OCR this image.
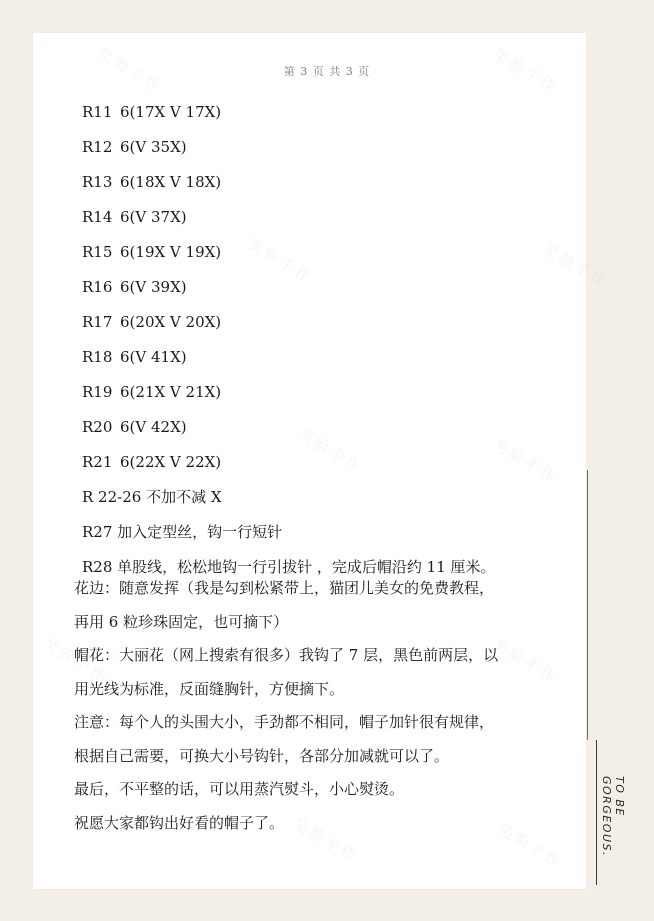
第 3 页 共 3 页
R11 6(17X V 17X)
R12 6(V 35X)
R13 6(18X V 18X)
R14 6(V 37X)
R15 6(19X V 19X)
R16 6(V 39X)
R17 6(20X V 20X)
R18 6(V 41X)
R19 6(21X V 21X)
R20 6(V 42X)
R21 6(22X V 22X)
R 22-26 不加不减 X
R27 加入定型丝，钩一行短针
R28 单股线，松松地钩一行引拔针 ，完成后帽沿约 11 厘米。
花边：随意发挥（我是勾到松紧带上，猫团儿美女的免费教程，
再用 6 粒珍珠固定，也可摘下）
帽花：大丽花（网上搜索有很多）我钩了 7 层，黑色前两层，以
用光线为标准，反面缝胸针，方便摘下。
注意：每个人的头围大小，手劲都不相同，帽子加针很有规律，
根据自己需要，可换大小号钩针，各部分加减就可以了。
最后，不平整的话，可以用蒸汽熨斗，小心熨烫。
祝愿大家都钩出好看的帽子了。
TO BE GORGEOUS.
